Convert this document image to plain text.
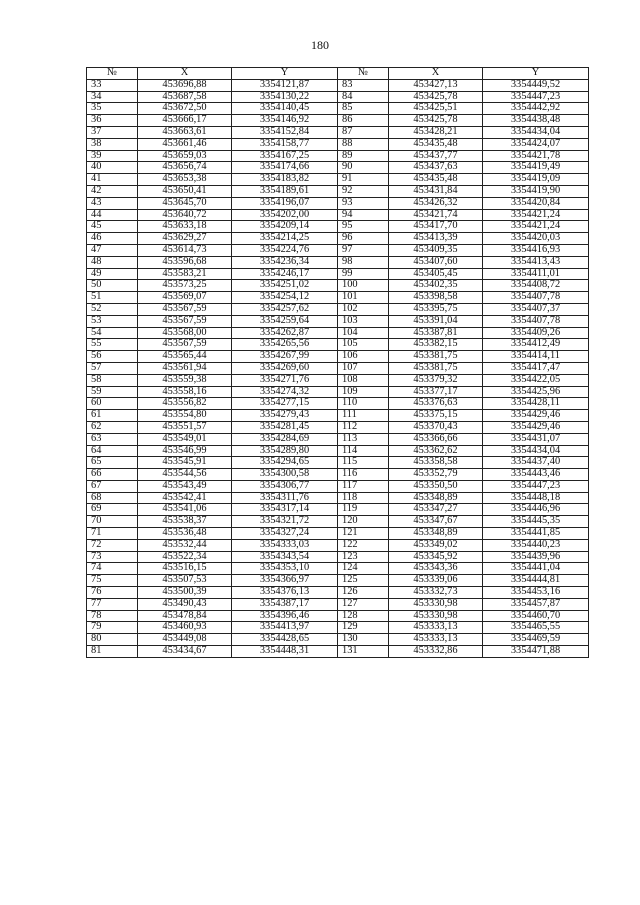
180
№	X	Y	№	X	Y
33	453696,88	3354121,87	83	453427,13	3354449,52
34	453687,58	3354130,22	84	453425,78	3354447,23
35	453672,50	3354140,45	85	453425,51	3354442,92
36	453666,17	3354146,92	86	453425,78	3354438,48
37	453663,61	3354152,84	87	453428,21	3354434,04
38	453661,46	3354158,77	88	453435,48	3354424,07
39	453659,03	3354167,25	89	453437,77	3354421,78
40	453656,74	3354174,66	90	453437,63	3354419,49
41	453653,38	3354183,82	91	453435,48	3354419,09
42	453650,41	3354189,61	92	453431,84	3354419,90
43	453645,70	3354196,07	93	453426,32	3354420,84
44	453640,72	3354202,00	94	453421,74	3354421,24
45	453633,18	3354209,14	95	453417,70	3354421,24
46	453629,27	3354214,25	96	453413,39	3354420,03
47	453614,73	3354224,76	97	453409,35	3354416,93
48	453596,68	3354236,34	98	453407,60	3354413,43
49	453583,21	3354246,17	99	453405,45	3354411,01
50	453573,25	3354251,02	100	453402,35	3354408,72
51	453569,07	3354254,12	101	453398,58	3354407,78
52	453567,59	3354257,62	102	453395,75	3354407,37
53	453567,59	3354259,64	103	453391,04	3354407,78
54	453568,00	3354262,87	104	453387,81	3354409,26
55	453567,59	3354265,56	105	453382,15	3354412,49
56	453565,44	3354267,99	106	453381,75	3354414,11
57	453561,94	3354269,60	107	453381,75	3354417,47
58	453559,38	3354271,76	108	453379,32	3354422,05
59	453558,16	3354274,32	109	453377,17	3354425,96
60	453556,82	3354277,15	110	453376,63	3354428,11
61	453554,80	3354279,43	111	453375,15	3354429,46
62	453551,57	3354281,45	112	453370,43	3354429,46
63	453549,01	3354284,69	113	453366,66	3354431,07
64	453546,99	3354289,80	114	453362,62	3354434,04
65	453545,91	3354294,65	115	453358,58	3354437,40
66	453544,56	3354300,58	116	453352,79	3354443,46
67	453543,49	3354306,77	117	453350,50	3354447,23
68	453542,41	3354311,76	118	453348,89	3354448,18
69	453541,06	3354317,14	119	453347,27	3354446,96
70	453538,37	3354321,72	120	453347,67	3354445,35
71	453536,48	3354327,24	121	453348,89	3354441,85
72	453532,44	3354333,03	122	453349,02	3354440,23
73	453522,34	3354343,54	123	453345,92	3354439,96
74	453516,15	3354353,10	124	453343,36	3354441,04
75	453507,53	3354366,97	125	453339,06	3354444,81
76	453500,39	3354376,13	126	453332,73	3354453,16
77	453490,43	3354387,17	127	453330,98	3354457,87
78	453478,84	3354396,46	128	453330,98	3354460,70
79	453460,93	3354413,97	129	453333,13	3354465,55
80	453449,08	3354428,65	130	453333,13	3354469,59
81	453434,67	3354448,31	131	453332,86	3354471,88
